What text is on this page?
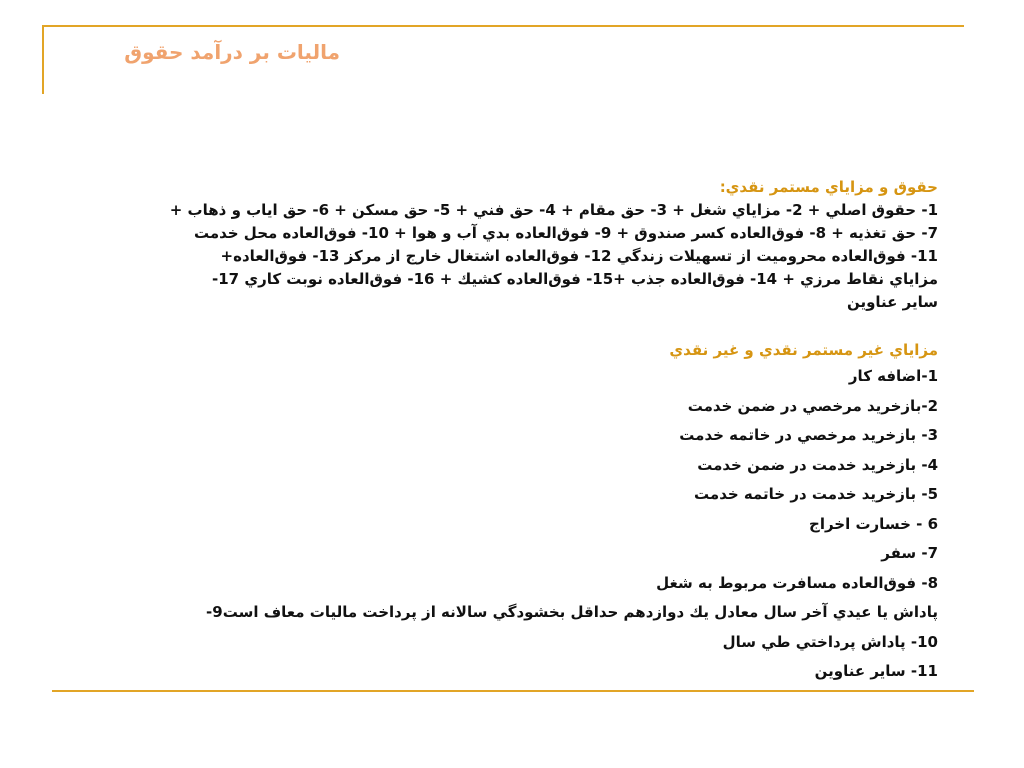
ماليات بر درآمد حقوق

حقوق و مزاياي مستمر نقدي:

1- حقوق اصلي + 2- مزاياي شغل + 3- حق مقام + 4- حق فني + 5- حق مسكن + 6- حق اياب و ذهاب +
7- حق تغذيه + 8- فوق‌العاده كسر صندوق + 9- فوق‌العاده بدي آب و هوا + 10- فوق‌العاده محل خدمت
11- فوق‌العاده محروميت از تسهيلات زندگي 12- فوق‌العاده اشتغال خارج از مركز 13- فوق‌العاده+
مزاياي نقاط مرزي + 14- فوق‌العاده جذب +15- فوق‌العاده كشيك + 16- فوق‌العاده نوبت كاري 17-
ساير عناوين

مزاياي غير مستمر نقدي و غير نقدي

1-اضافه كار

2-بازخريد مرخصي در ضمن خدمت

3- بازخريد مرخصي در خاتمه خدمت

4- بازخريد خدمت در ضمن خدمت

5- بازخريد خدمت در خاتمه خدمت

6 - خسارت اخراج

7- سفر

8- فوق‌العاده مسافرت مربوط به شغل

پاداش يا عيدي آخر سال معادل يك دوازدهم حداقل بخشودگي سالانه از پرداخت ماليات معاف است9-

10- پاداش پرداختي طي سال

11- ساير عناوين
